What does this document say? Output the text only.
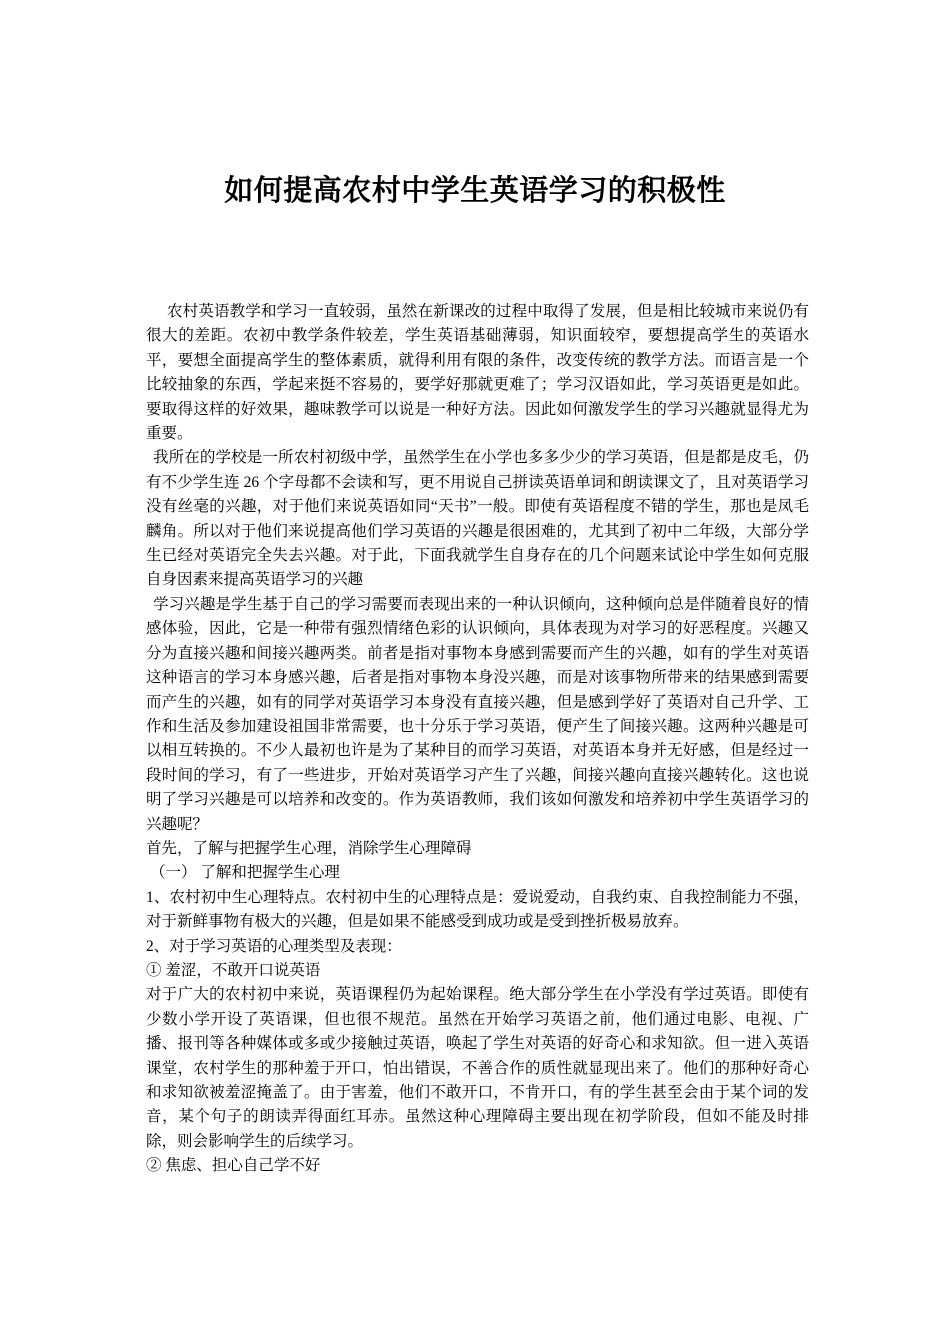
如何提高农村中学生英语学习的积极性

农村英语教学和学习一直较弱，虽然在新课改的过程中取得了发展，但是相比较城市来说仍有很大的差距。农初中教学条件较差，学生英语基础薄弱，知识面较窄，要想提高学生的英语水平，要想全面提高学生的整体素质，就得利用有限的条件，改变传统的教学方法。而语言是一个比较抽象的东西，学起来挺不容易的，要学好那就更难了；学习汉语如此，学习英语更是如此。要取得这样的好效果，趣味教学可以说是一种好方法。因此如何激发学生的学习兴趣就显得尤为重要。

我所在的学校是一所农村初级中学，虽然学生在小学也多多少少的学习英语，但是都是皮毛，仍有不少学生连 26 个字母都不会读和写，更不用说自己拼读英语单词和朗读课文了，且对英语学习没有丝毫的兴趣，对于他们来说英语如同“天书”一般。即使有英语程度不错的学生，那也是凤毛麟角。所以对于他们来说提高他们学习英语的兴趣是很困难的，尤其到了初中二年级，大部分学生已经对英语完全失去兴趣。对于此，下面我就学生自身存在的几个问题来试论中学生如何克服自身因素来提高英语学习的兴趣

学习兴趣是学生基于自己的学习需要而表现出来的一种认识倾向，这种倾向总是伴随着良好的情感体验，因此，它是一种带有强烈情绪色彩的认识倾向，具体表现为对学习的好恶程度。兴趣又分为直接兴趣和间接兴趣两类。前者是指对事物本身感到需要而产生的兴趣，如有的学生对英语这种语言的学习本身感兴趣，后者是指对事物本身没兴趣，而是对该事物所带来的结果感到需要而产生的兴趣，如有的同学对英语学习本身没有直接兴趣，但是感到学好了英语对自己升学、工作和生活及参加建设祖国非常需要，也十分乐于学习英语，便产生了间接兴趣。这两种兴趣是可以相互转换的。不少人最初也许是为了某种目的而学习英语，对英语本身并无好感，但是经过一段时间的学习，有了一些进步，开始对英语学习产生了兴趣，间接兴趣向直接兴趣转化。这也说明了学习兴趣是可以培养和改变的。作为英语教师，我们该如何激发和培养初中学生英语学习的兴趣呢？

首先，了解与把握学生心理，消除学生心理障碍

（一） 了解和把握学生心理

1、农村初中生心理特点。农村初中生的心理特点是：爱说爱动，自我约束、自我控制能力不强，对于新鲜事物有极大的兴趣，但是如果不能感受到成功或是受到挫折极易放弃。

2、对于学习英语的心理类型及表现：

① 羞涩，不敢开口说英语

对于广大的农村初中来说，英语课程仍为起始课程。绝大部分学生在小学没有学过英语。即使有少数小学开设了英语课，但也很不规范。虽然在开始学习英语之前，他们通过电影、电视、广播、报刊等各种媒体或多或少接触过英语，唤起了学生对英语的好奇心和求知欲。但一进入英语课堂，农村学生的那种羞于开口，怕出错误，不善合作的质性就显现出来了。他们的那种好奇心和求知欲被羞涩掩盖了。由于害羞，他们不敢开口，不肯开口，有的学生甚至会由于某个词的发音，某个句子的朗读弄得面红耳赤。虽然这种心理障碍主要出现在初学阶段，但如不能及时排除，则会影响学生的后续学习。

② 焦虑、担心自己学不好
